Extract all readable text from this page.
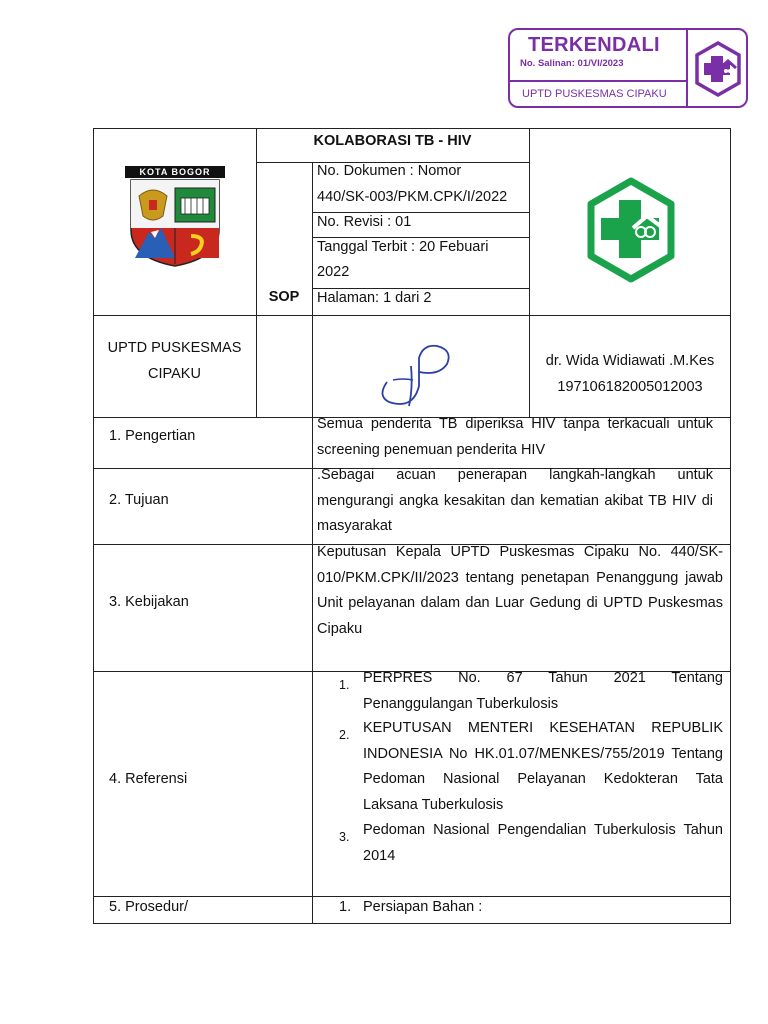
TERKENDALI
No. Salinan: 01/VI/2023
UPTD PUSKESMAS CIPAKU
KOTA BOGOR
KOLABORASI TB - HIV
SOP
No. Dokumen : Nomor
440/SK-003/PKM.CPK/I/2022
No. Revisi : 01
Tanggal Terbit : 20 Febuari
2022
Halaman: 1 dari 2
UPTD PUSKESMAS
CIPAKU
dr. Wida Widiawati .M.Kes
197106182005012003
1. Pengertian
Semua penderita TB diperiksa HIV tanpa terkacuali untuk screening penemuan penderita HIV
2. Tujuan
.Sebagai acuan penerapan langkah-langkah untuk mengurangi angka kesakitan dan kematian akibat TB HIV di masyarakat
3. Kebijakan
Keputusan Kepala UPTD Puskesmas Cipaku No. 440/SK-010/PKM.CPK/II/2023 tentang penetapan Penanggung jawab Unit pelayanan dalam dan Luar Gedung di UPTD Puskesmas Cipaku
4. Referensi
1. PERPRES No. 67 Tahun 2021 Tentang Penanggulangan Tuberkulosis
2. KEPUTUSAN MENTERI KESEHATAN REPUBLIK INDONESIA No HK.01.07/MENKES/755/2019 Tentang Pedoman Nasional Pelayanan Kedokteran Tata Laksana Tuberkulosis
3. Pedoman Nasional Pengendalian Tuberkulosis Tahun 2014
5. Prosedur/	1. Persiapan Bahan :
